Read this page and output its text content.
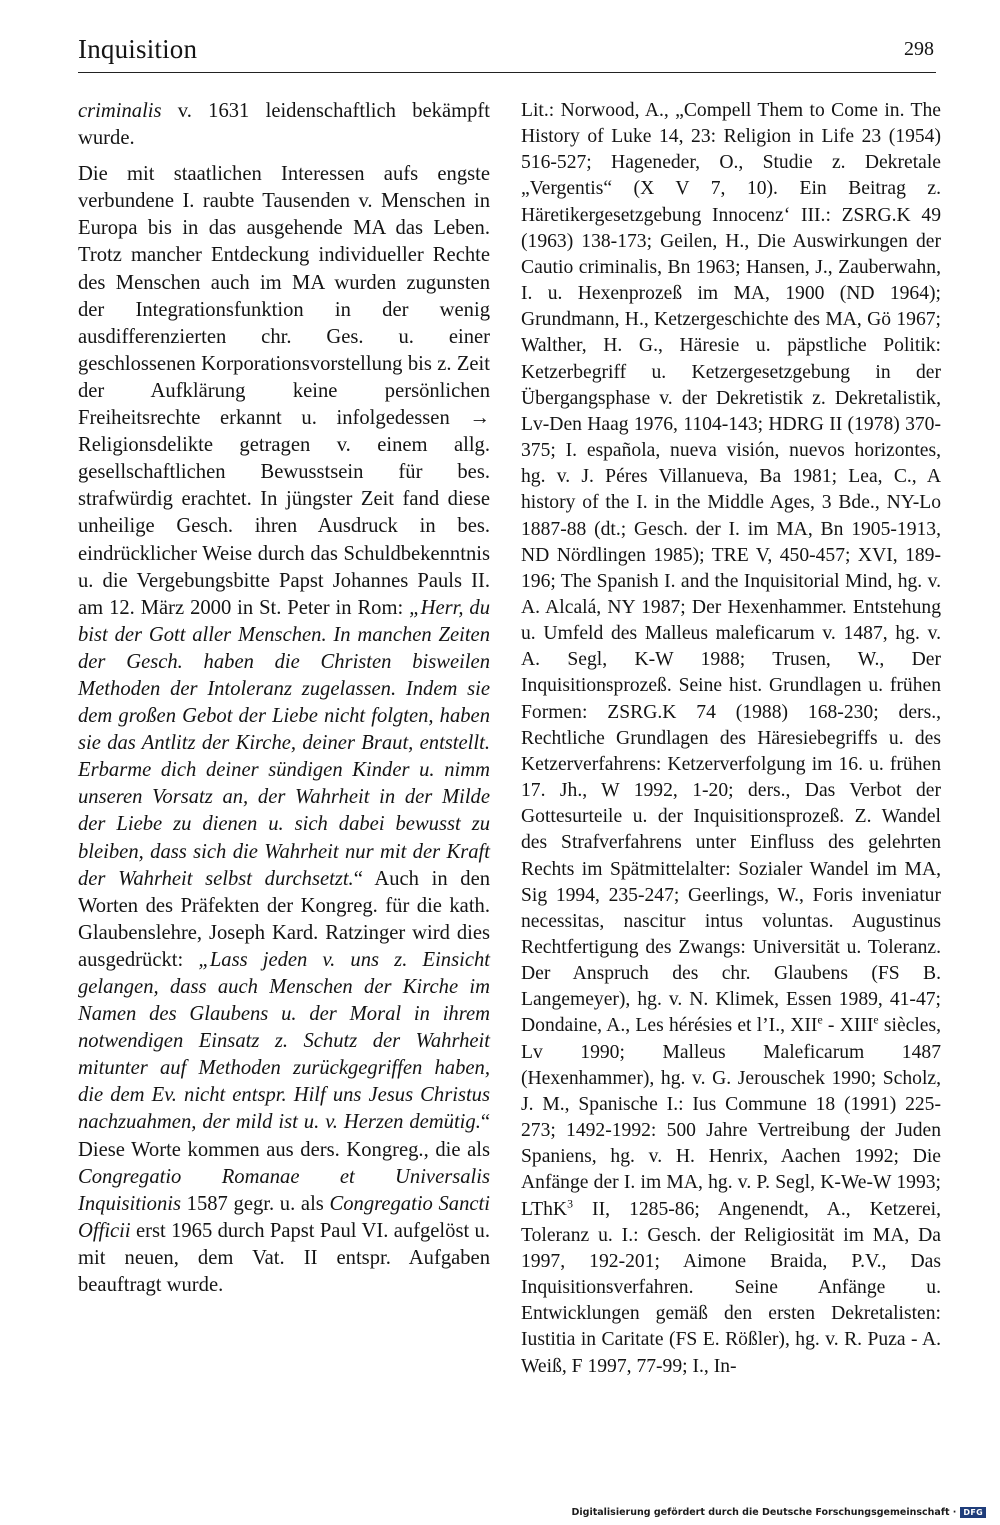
Inquisition	298

criminalis v. 1631 leidenschaftlich bekämpft wurde.

Die mit staatlichen Interessen aufs engste verbundene I. raubte Tausenden v. Menschen in Europa bis in das ausgehende MA das Leben. Trotz mancher Entdeckung individueller Rechte des Menschen auch im MA wurden zugunsten der Integrationsfunktion in der wenig ausdifferenzierten chr. Ges. u. einer geschlossenen Korporationsvorstellung bis z. Zeit der Aufklärung keine persönlichen Freiheitsrechte erkannt u. infolgedessen → Religionsdelikte getragen v. einem allg. gesellschaftlichen Bewusstsein für bes. strafwürdig erachtet. In jüngster Zeit fand diese unheilige Gesch. ihren Ausdruck in bes. eindrücklicher Weise durch das Schuldbekenntnis u. die Vergebungsbitte Papst Johannes Pauls II. am 12. März 2000 in St. Peter in Rom: „Herr, du bist der Gott aller Menschen. In manchen Zeiten der Gesch. haben die Christen bisweilen Methoden der Intoleranz zugelassen. Indem sie dem großen Gebot der Liebe nicht folgten, haben sie das Antlitz der Kirche, deiner Braut, entstellt. Erbarme dich deiner sündigen Kinder u. nimm unseren Vorsatz an, der Wahrheit in der Milde der Liebe zu dienen u. sich dabei bewusst zu bleiben, dass sich die Wahrheit nur mit der Kraft der Wahrheit selbst durchsetzt.“ Auch in den Worten des Präfekten der Kongreg. für die kath. Glaubenslehre, Joseph Kard. Ratzinger wird dies ausgedrückt: „Lass jeden v. uns z. Einsicht gelangen, dass auch Menschen der Kirche im Namen des Glaubens u. der Moral in ihrem notwendigen Einsatz z. Schutz der Wahrheit mitunter auf Methoden zurückgegriffen haben, die dem Ev. nicht entspr. Hilf uns Jesus Christus nachzuahmen, der mild ist u. v. Herzen demütig.“ Diese Worte kommen aus ders. Kongreg., die als Congregatio Romanae et Universalis Inquisitionis 1587 gegr. u. als Congregatio Sancti Officii erst 1965 durch Papst Paul VI. aufgelöst u. mit neuen, dem Vat. II entspr. Aufgaben beauftragt wurde.

Lit.: Norwood, A., „Compell Them to Come in. The History of Luke 14, 23: Religion in Life 23 (1954) 516-527; Hageneder, O., Studie z. Dekretale „Vergentis“ (X V 7, 10). Ein Beitrag z. Häretikergesetzgebung Innocenz‘ III.: ZSRG.K 49 (1963) 138-173; Geilen, H., Die Auswirkungen der Cautio criminalis, Bn 1963; Hansen, J., Zauberwahn, I. u. Hexenprozeß im MA, 1900 (ND 1964); Grundmann, H., Ketzergeschichte des MA, Gö 1967; Walther, H. G., Häresie u. päpstliche Politik: Ketzerbegriff u. Ketzergesetzgebung in der Übergangsphase v. der Dekretistik z. Dekretalistik, Lv-Den Haag 1976, 1104-143; HDRG II (1978) 370-375; I. española, nueva visión, nuevos horizontes, hg. v. J. Péres Villanueva, Ba 1981; Lea, C., A history of the I. in the Middle Ages, 3 Bde., NY-Lo 1887-88 (dt.; Gesch. der I. im MA, Bn 1905-1913, ND Nördlingen 1985); TRE V, 450-457; XVI, 189-196; The Spanish I. and the Inquisitorial Mind, hg. v. A. Alcalá, NY 1987; Der Hexenhammer. Entstehung u. Umfeld des Malleus maleficarum v. 1487, hg. v. A. Segl, K-W 1988; Trusen, W., Der Inquisitionsprozeß. Seine hist. Grundlagen u. frühen Formen: ZSRG.K 74 (1988) 168-230; ders., Rechtliche Grundlagen des Häresiebegriffs u. des Ketzerverfahrens: Ketzerverfolgung im 16. u. frühen 17. Jh., W 1992, 1-20; ders., Das Verbot der Gottesurteile u. der Inquisitionsprozeß. Z. Wandel des Strafverfahrens unter Einfluss des gelehrten Rechts im Spätmittelalter: Sozialer Wandel im MA, Sig 1994, 235-247; Geerlings, W., Foris inveniatur necessitas, nascitur intus voluntas. Augustinus Rechtfertigung des Zwangs: Universität u. Toleranz. Der Anspruch des chr. Glaubens (FS B. Langemeyer), hg. v. N. Klimek, Essen 1989, 41-47; Dondaine, A., Les hérésies et l’I., XIIe - XIIIe siècles, Lv 1990; Malleus Maleficarum 1487 (Hexenhammer), hg. v. G. Jerouschek 1990; Scholz, J. M., Spanische I.: Ius Commune 18 (1991) 225-273; 1492-1992: 500 Jahre Vertreibung der Juden Spaniens, hg. v. H. Henrix, Aachen 1992; Die Anfänge der I. im MA, hg. v. P. Segl, K-We-W 1993; LThK$^3$ II, 1285-86; Angenendt, A., Ketzerei, Toleranz u. I.: Gesch. der Religiosität im MA, Da 1997, 192-201; Aimone Braida, P.V., Das Inquisitionsverfahren. Seine Anfänge u. Entwicklungen gemäß den ersten Dekretalisten: Iustitia in Caritate (FS E. Rößler), hg. v. R. Puza - A. Weiß, F 1997, 77-99; I., In-

Digitalisierung gefördert durch die Deutsche Forschungsgemeinschaft · DFG
